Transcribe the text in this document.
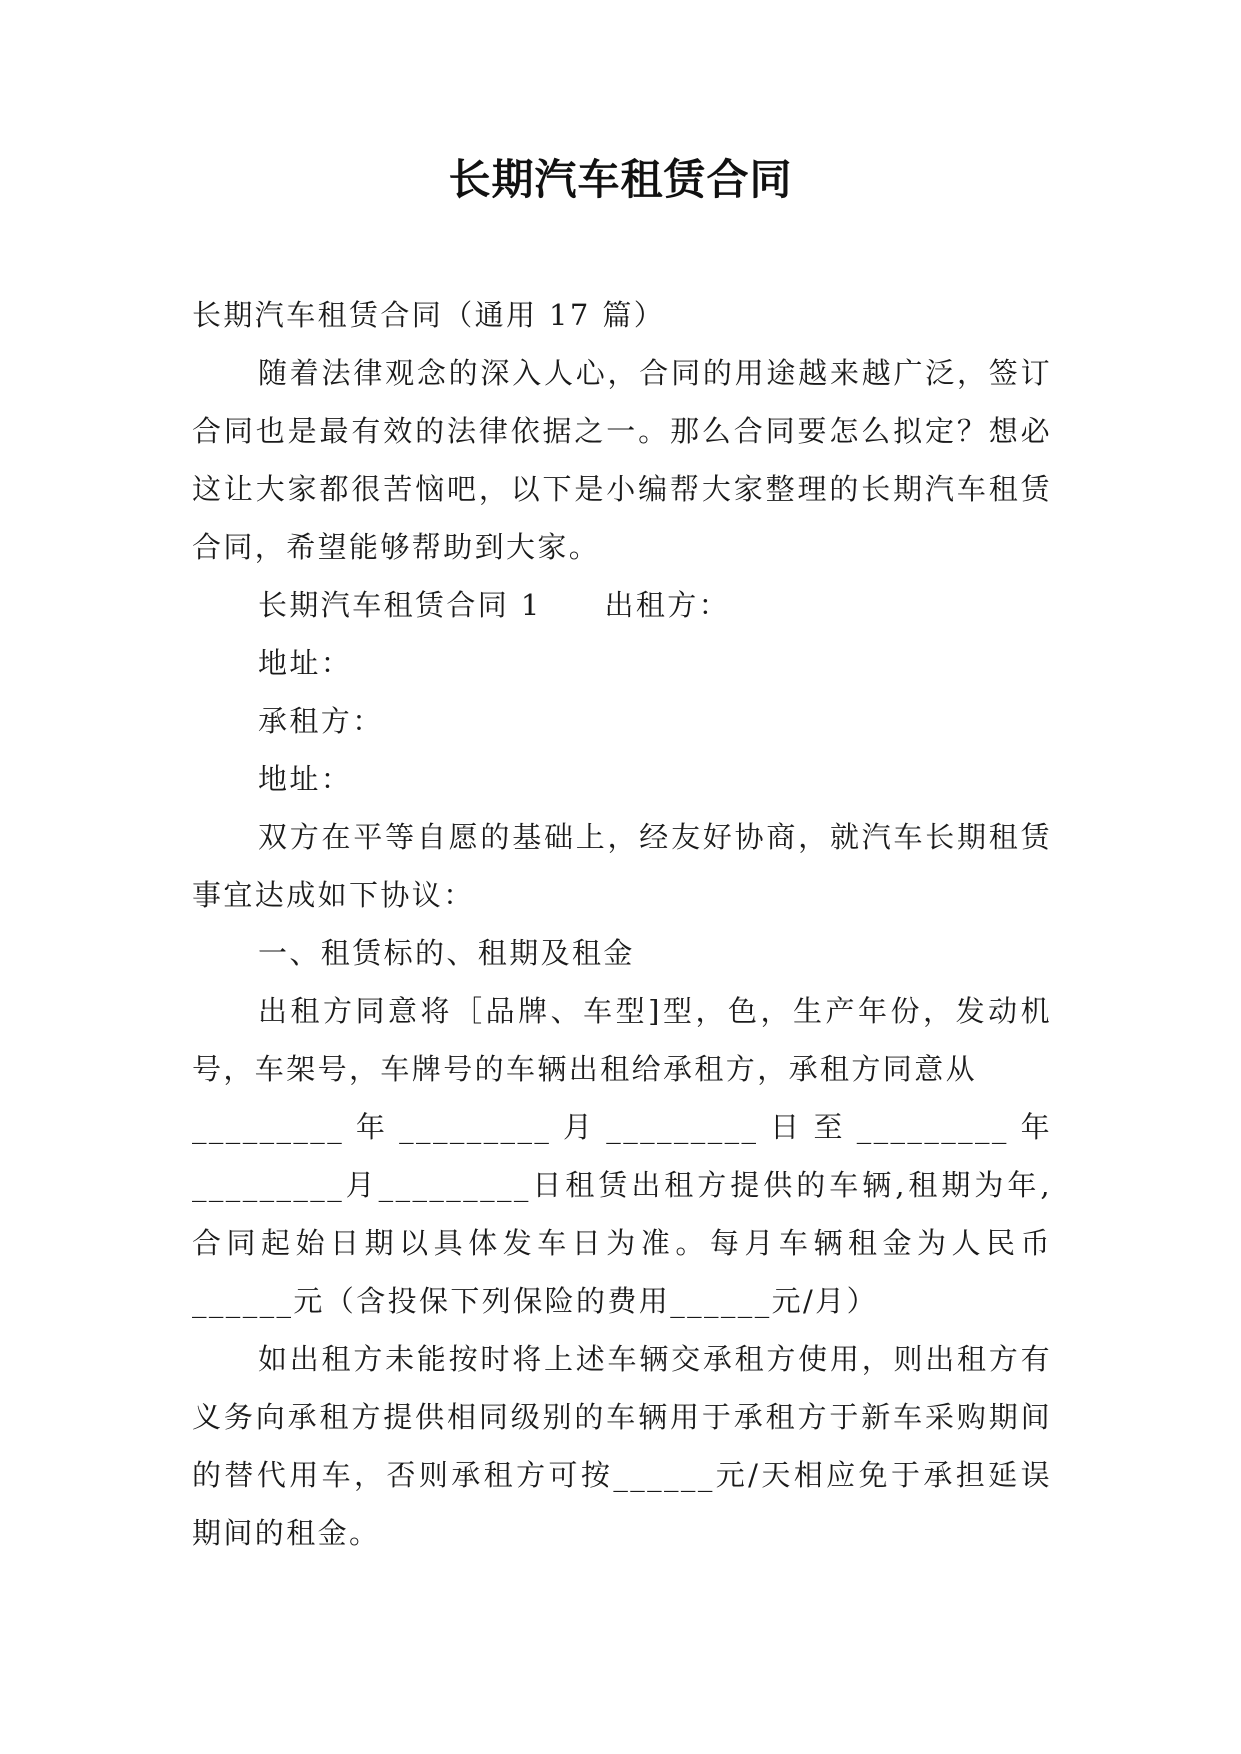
长期汽车租赁合同

长期汽车租赁合同（通用 17 篇）

随着法律观念的深入人心，合同的用途越来越广泛，签订合同也是最有效的法律依据之一。那么合同要怎么拟定？想必这让大家都很苦恼吧，以下是小编帮大家整理的长期汽车租赁合同，希望能够帮助到大家。

长期汽车租赁合同 1　　出租方：

地址：

承租方：

地址：

双方在平等自愿的基础上，经友好协商，就汽车长期租赁事宜达成如下协议：

一、租赁标的、租期及租金

出租方同意将［品牌、车型]型，色，生产年份，发动机号，车架号，车牌号的车辆出租给承租方，承租方同意从

_________ 年 _________ 月 _________ 日 至 _________ 年

_________月_________日租赁出租方提供的车辆,租期为年,合同起始日期以具体发车日为准。每月车辆租金为人民币______元（含投保下列保险的费用______元/月）

如出租方未能按时将上述车辆交承租方使用，则出租方有义务向承租方提供相同级别的车辆用于承租方于新车采购期间的替代用车，否则承租方可按______元/天相应免于承担延误期间的租金。
